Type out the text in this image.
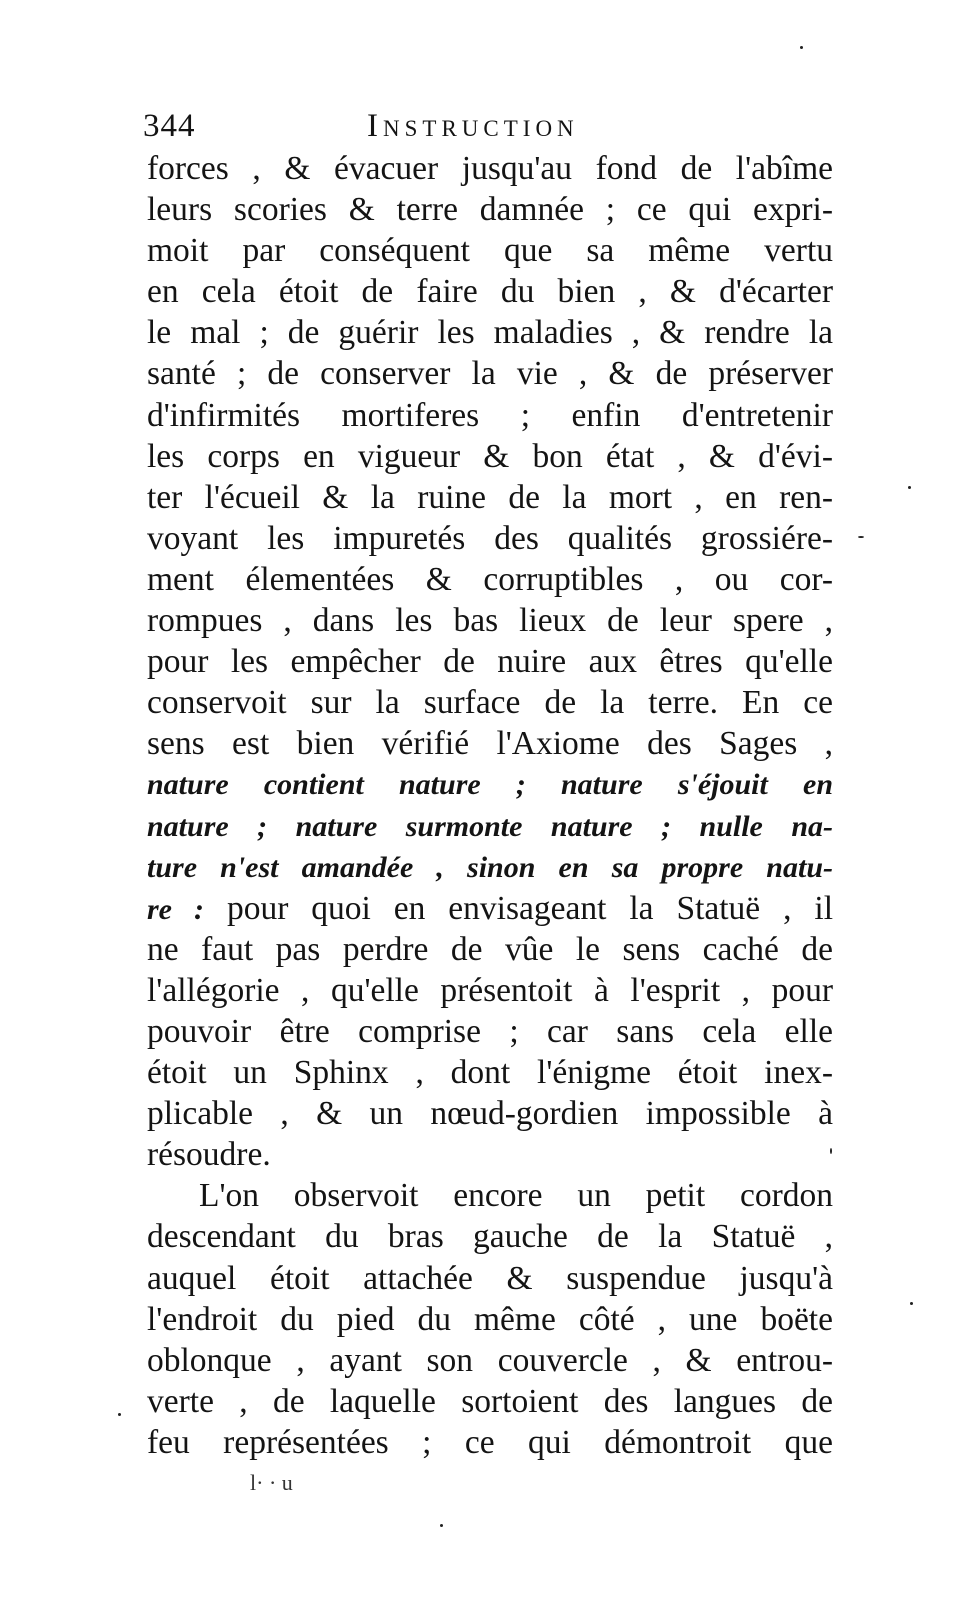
344	Instruction
forces , & évacuer jusqu'au fond de l'abîme
leurs scories & terre damnée ; ce qui expri-
moit par conséquent que sa même vertu
en cela étoit de faire du bien , & d'écarter
le mal ; de guérir les maladies , & rendre la
santé ; de conserver la vie , & de préserver
d'infirmités mortiferes ; enfin d'entretenir
les corps en vigueur & bon état , & d'évi-
ter l'écueil & la ruine de la mort , en ren-
voyant les impuretés des qualités grossiére-
ment élementées & corruptibles , ou cor-
rompues , dans les bas lieux de leur spere ,
pour les empêcher de nuire aux êtres qu'elle
conservoit sur la surface de la terre. En ce
sens est bien vérifié l'Axiome des Sages ,
nature contient nature ; nature s'éjouit en
nature ; nature surmonte nature ; nulle na-
ture n'est amandée , sinon en sa propre natu-
re : pour quoi en envisageant la Statuë , il
ne faut pas perdre de vûe le sens caché de
l'allégorie , qu'elle présentoit à l'esprit , pour
pouvoir être comprise ; car sans cela elle
étoit un Sphinx , dont l'énigme étoit inex-
plicable , & un nœud-gordien impossible à
résoudre.
L'on observoit encore un petit cordon
descendant du bras gauche de la Statuë ,
auquel étoit attachée & suspendue jusqu'à
l'endroit du pied du même côté , une boëte
oblonque , ayant son couvercle , & entrou-
verte , de laquelle sortoient des langues de
feu représentées ; ce qui démontroit que
l· · u
